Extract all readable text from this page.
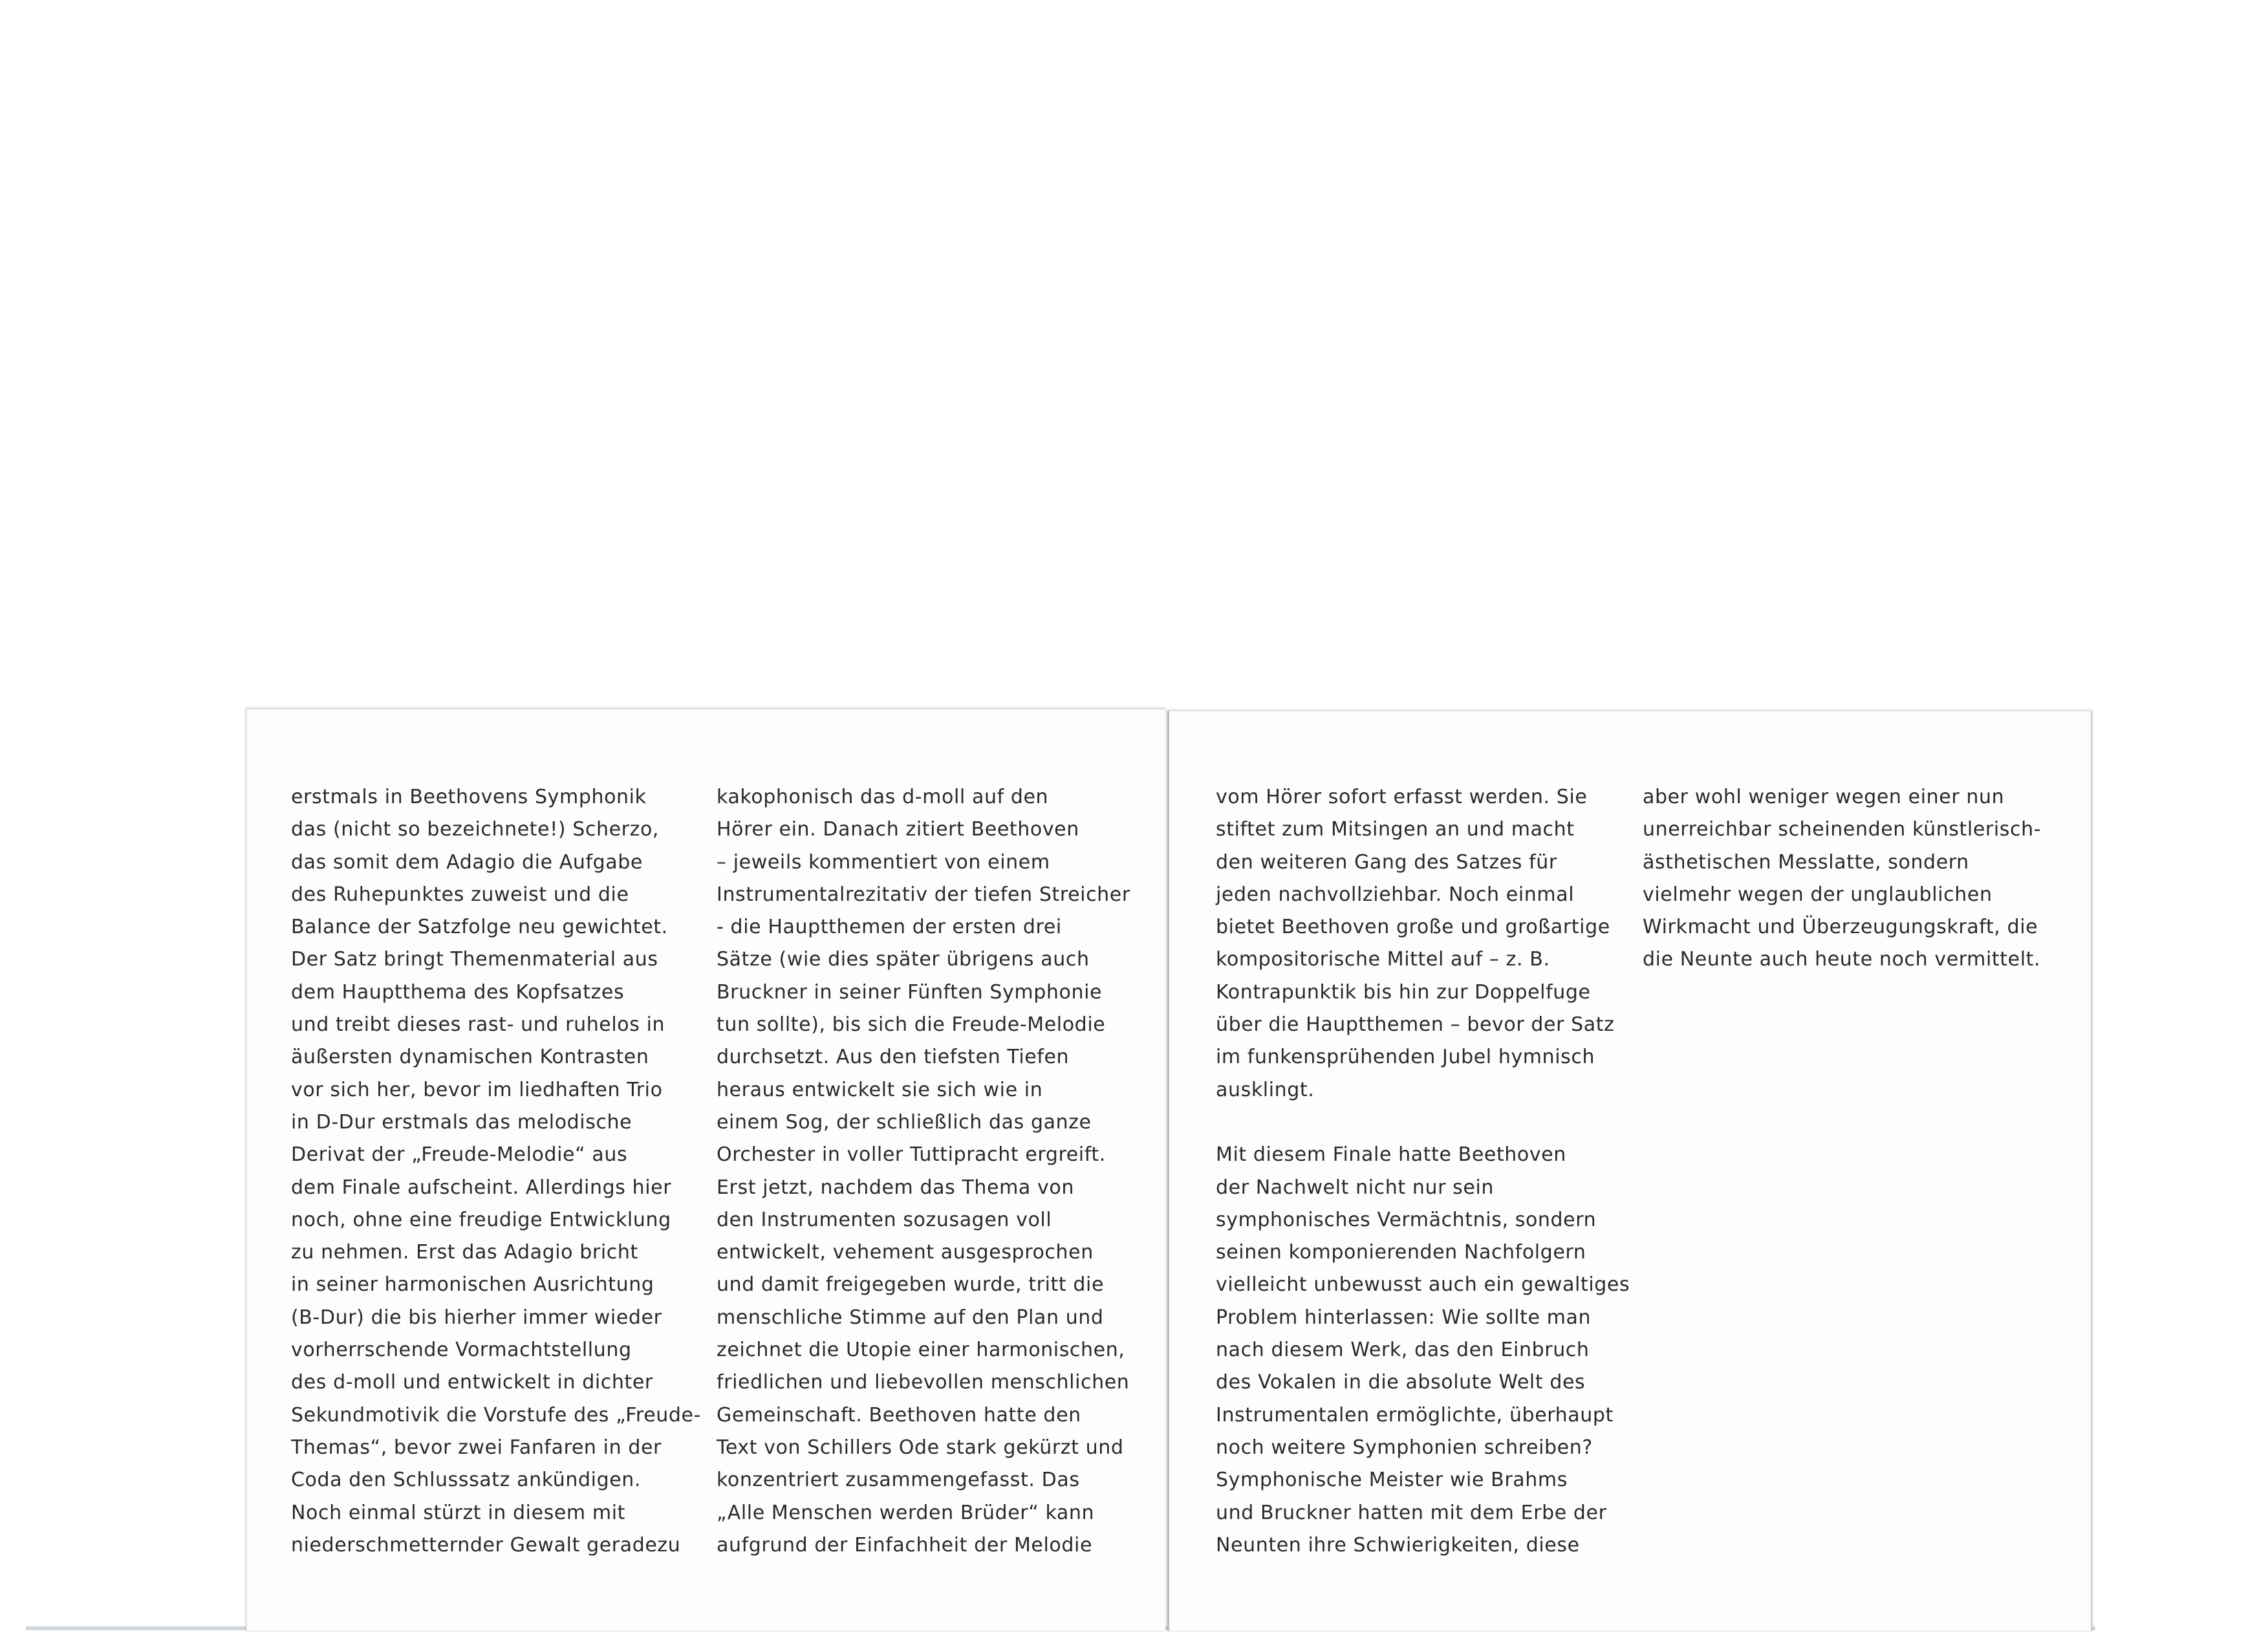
erstmals in Beethovens Symphonik
das (nicht so bezeichnete!) Scherzo,
das somit dem Adagio die Aufgabe
des Ruhepunktes zuweist und die
Balance der Satzfolge neu gewichtet.
Der Satz bringt Themenmaterial aus
dem Hauptthema des Kopfsatzes
und treibt dieses rast- und ruhelos in
äußersten dynamischen Kontrasten
vor sich her, bevor im liedhaften Trio
in D-Dur erstmals das melodische
Derivat der „Freude-Melodie“ aus
dem Finale aufscheint. Allerdings hier
noch, ohne eine freudige Entwicklung
zu nehmen. Erst das Adagio bricht
in seiner harmonischen Ausrichtung
(B-Dur) die bis hierher immer wieder
vorherrschende Vormachtstellung
des d-moll und entwickelt in dichter
Sekundmotivik die Vorstufe des „Freude-
Themas“, bevor zwei Fanfaren in der
Coda den Schlusssatz ankündigen.
Noch einmal stürzt in diesem mit
niederschmetternder Gewalt geradezu
kakophonisch das d-moll auf den
Hörer ein. Danach zitiert Beethoven
– jeweils kommentiert von einem
Instrumentalrezitativ der tiefen Streicher
- die Hauptthemen der ersten drei
Sätze (wie dies später übrigens auch
Bruckner in seiner Fünften Symphonie
tun sollte), bis sich die Freude-Melodie
durchsetzt. Aus den tiefsten Tiefen
heraus entwickelt sie sich wie in
einem Sog, der schließlich das ganze
Orchester in voller Tuttipracht ergreift.
Erst jetzt, nachdem das Thema von
den Instrumenten sozusagen voll
entwickelt, vehement ausgesprochen
und damit freigegeben wurde, tritt die
menschliche Stimme auf den Plan und
zeichnet die Utopie einer harmonischen,
friedlichen und liebevollen menschlichen
Gemeinschaft. Beethoven hatte den
Text von Schillers Ode stark gekürzt und
konzentriert zusammengefasst. Das
„Alle Menschen werden Brüder“ kann
aufgrund der Einfachheit der Melodie
vom Hörer sofort erfasst werden. Sie
stiftet zum Mitsingen an und macht
den weiteren Gang des Satzes für
jeden nachvollziehbar. Noch einmal
bietet Beethoven große und großartige
kompositorische Mittel auf – z. B.
Kontrapunktik bis hin zur Doppelfuge
über die Hauptthemen – bevor der Satz
im funkensprühenden Jubel hymnisch
ausklingt.
Mit diesem Finale hatte Beethoven
der Nachwelt nicht nur sein
symphonisches Vermächtnis, sondern
seinen komponierenden Nachfolgern
vielleicht unbewusst auch ein gewaltiges
Problem hinterlassen: Wie sollte man
nach diesem Werk, das den Einbruch
des Vokalen in die absolute Welt des
Instrumentalen ermöglichte, überhaupt
noch weitere Symphonien schreiben?
Symphonische Meister wie Brahms
und Bruckner hatten mit dem Erbe der
Neunten ihre Schwierigkeiten, diese
aber wohl weniger wegen einer nun
unerreichbar scheinenden künstlerisch-
ästhetischen Messlatte, sondern
vielmehr wegen der unglaublichen
Wirkmacht und Überzeugungskraft, die
die Neunte auch heute noch vermittelt.
